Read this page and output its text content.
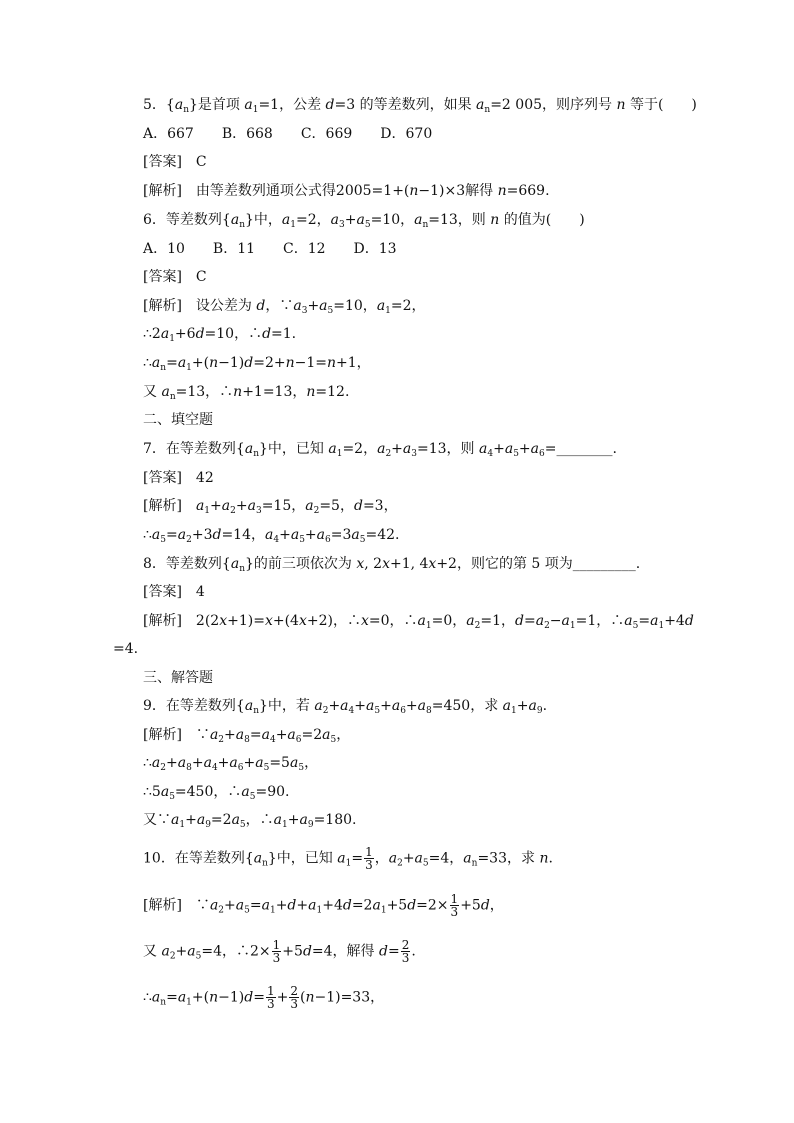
5．$\{a_n\}$是首项 $a_1=1$，公差 d=3 的等差数列，如果 $a_n=2$ 005，则序列号 n 等于(　　)
A．667　　B．668　　C．669　　D．670
[答案]　C
[解析]　由等差数列通项公式得2005=1+(n−1)×3解得 n=669.
6．等差数列$\{a_n\}$中，$a_1=2$，$a_3+a_5=10$，$a_n=13$，则 n 的值为(　　)
A．10　　B．11　　C．12　　D．13
[答案]　C
[解析]　设公差为 d，$\because a_3+a_5=10$，$a_1=2$，
$\therefore 2a_1+6d=10$，∴d=1.
$\therefore a_n=a_1+(n-1)d=2+n-1=n+1$，
又 $a_n=13$，∴n+1=13，n=12.
二、填空题
7．在等差数列$\{a_n\}$中，已知 $a_1=2$，$a_2+a_3=13$，则 $a_4+a_5+a_6=\_\_\_\_\_\_\_\_$.
[答案]　42
[解析]　$a_1+a_2+a_3=15$，$a_2=5$，d=3，
$\therefore a_5=a_2+3d=14$，$a_4+a_5+a_6=3a_5=42$.
8．等差数列$\{a_n\}$的前三项依次为 x, 2x+1, 4x+2，则它的第 5 项为_________.
[答案]　4
[解析]　2(2x+1)=x+(4x+2)，∴x=0，$\therefore a_1=0$，$a_2=1$，$d=a_2-a_1=1$，$\therefore a_5=a_1+4d$
=4.
三、解答题
9．在等差数列$\{a_n\}$中，若 $a_2+a_4+a_5+a_6+a_8=450$，求 $a_1+a_9$.
[解析]　$\because a_2+a_8=a_4+a_6=2a_5$，
$\therefore a_2+a_8+a_4+a_6+a_5=5a_5$，
$\therefore 5a_5=450$，$\therefore a_5=90$.
又$\because a_1+a_9=2a_5$，$\therefore a_1+a_9=180$.
10．在等差数列$\{a_n\}$中，已知 $a_1= \frac{1}{3}$ ，$a_2+a_5=4$，$a_n=33$，求 n.
[解析]　$\because a_2+a_5=a_1+d+a_1+4d=2a_1+5d=2\times \frac{1}{3} +5d$，
又 $a_2+a_5=4$，∴2× $\frac{1}{3} +5d=4$，解得 $d= \frac{2}{3}$ .
$\therefore a_n=a_1+(n-1)d= \frac{1}{3} + \frac{2}{3} (n-1)=33$，
